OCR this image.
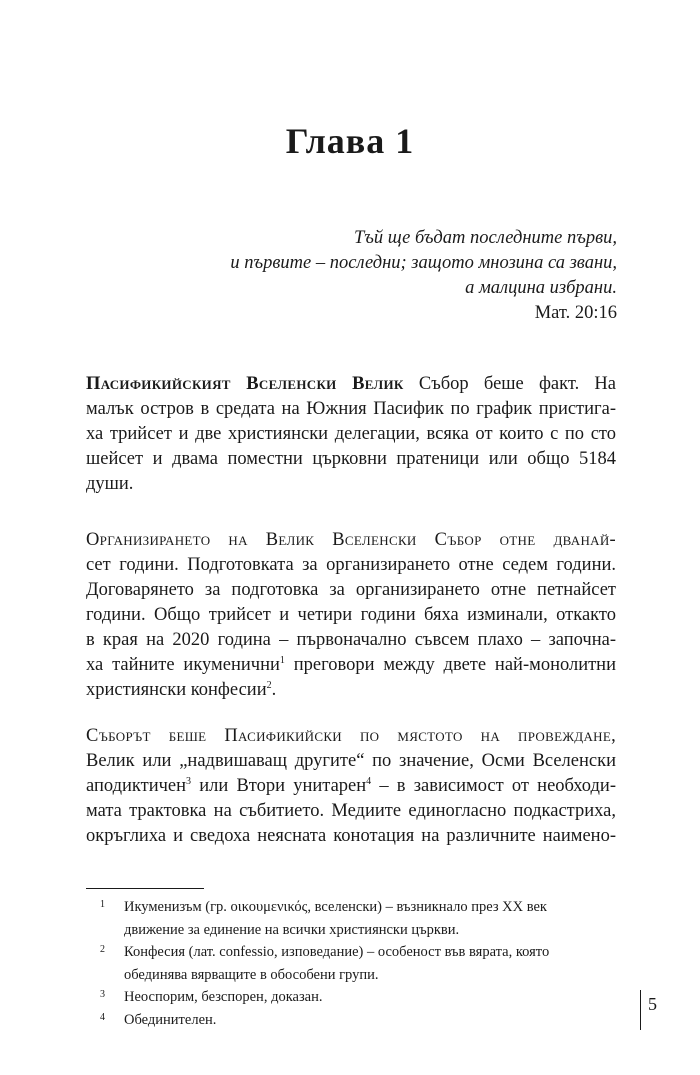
Глава 1
Тъй ще бъдат последните първи,
и първите – последни; защото мнозина са звани,
а малцина избрани.
Мат. 20:16
Пасификийският Вселенски Велик Събор беше факт. На
малък остров в средата на Южния Пасифик по график пристига-
ха трийсет и две християнски делегации, всяка от които с по сто
шейсет и двама поместни църковни пратеници или общо 5184
души.
Организирането на Велик Вселенски Събор отне дванай-
сет години. Подготовката за организирането отне седем години.
Договарянето за подготовка за организирането отне петнайсет
години. Общо трийсет и четири години бяха изминали, откакто
в края на 2020 година – първоначално съвсем плахо – започна-
ха тайните икуменични$^1$ преговори между двете най-монолитни
християнски конфесии$^2$.
Съборът беше Пасификийски по мястото на провеждане,
Велик или „надвишаващ другите“ по значение, Осми Вселенски
аподиктичен$^3$ или Втори унитарен$^4$ – в зависимост от необходи-
мата трактовка на събитието. Медиите единогласно подкастриха,
окръглиха и сведоха неясната конотация на различните наимено-
1 Икуменизъм (гр. οικουμενικός, вселенски) – възникнало през XX век
движение за единение на всички християнски църкви.
2 Конфесия (лат. confessio, изповедание) – особеност във вярата, която
обединява вярващите в обособени групи.
3 Неоспорим, безспорен, доказан.
4 Обединителен.
5
